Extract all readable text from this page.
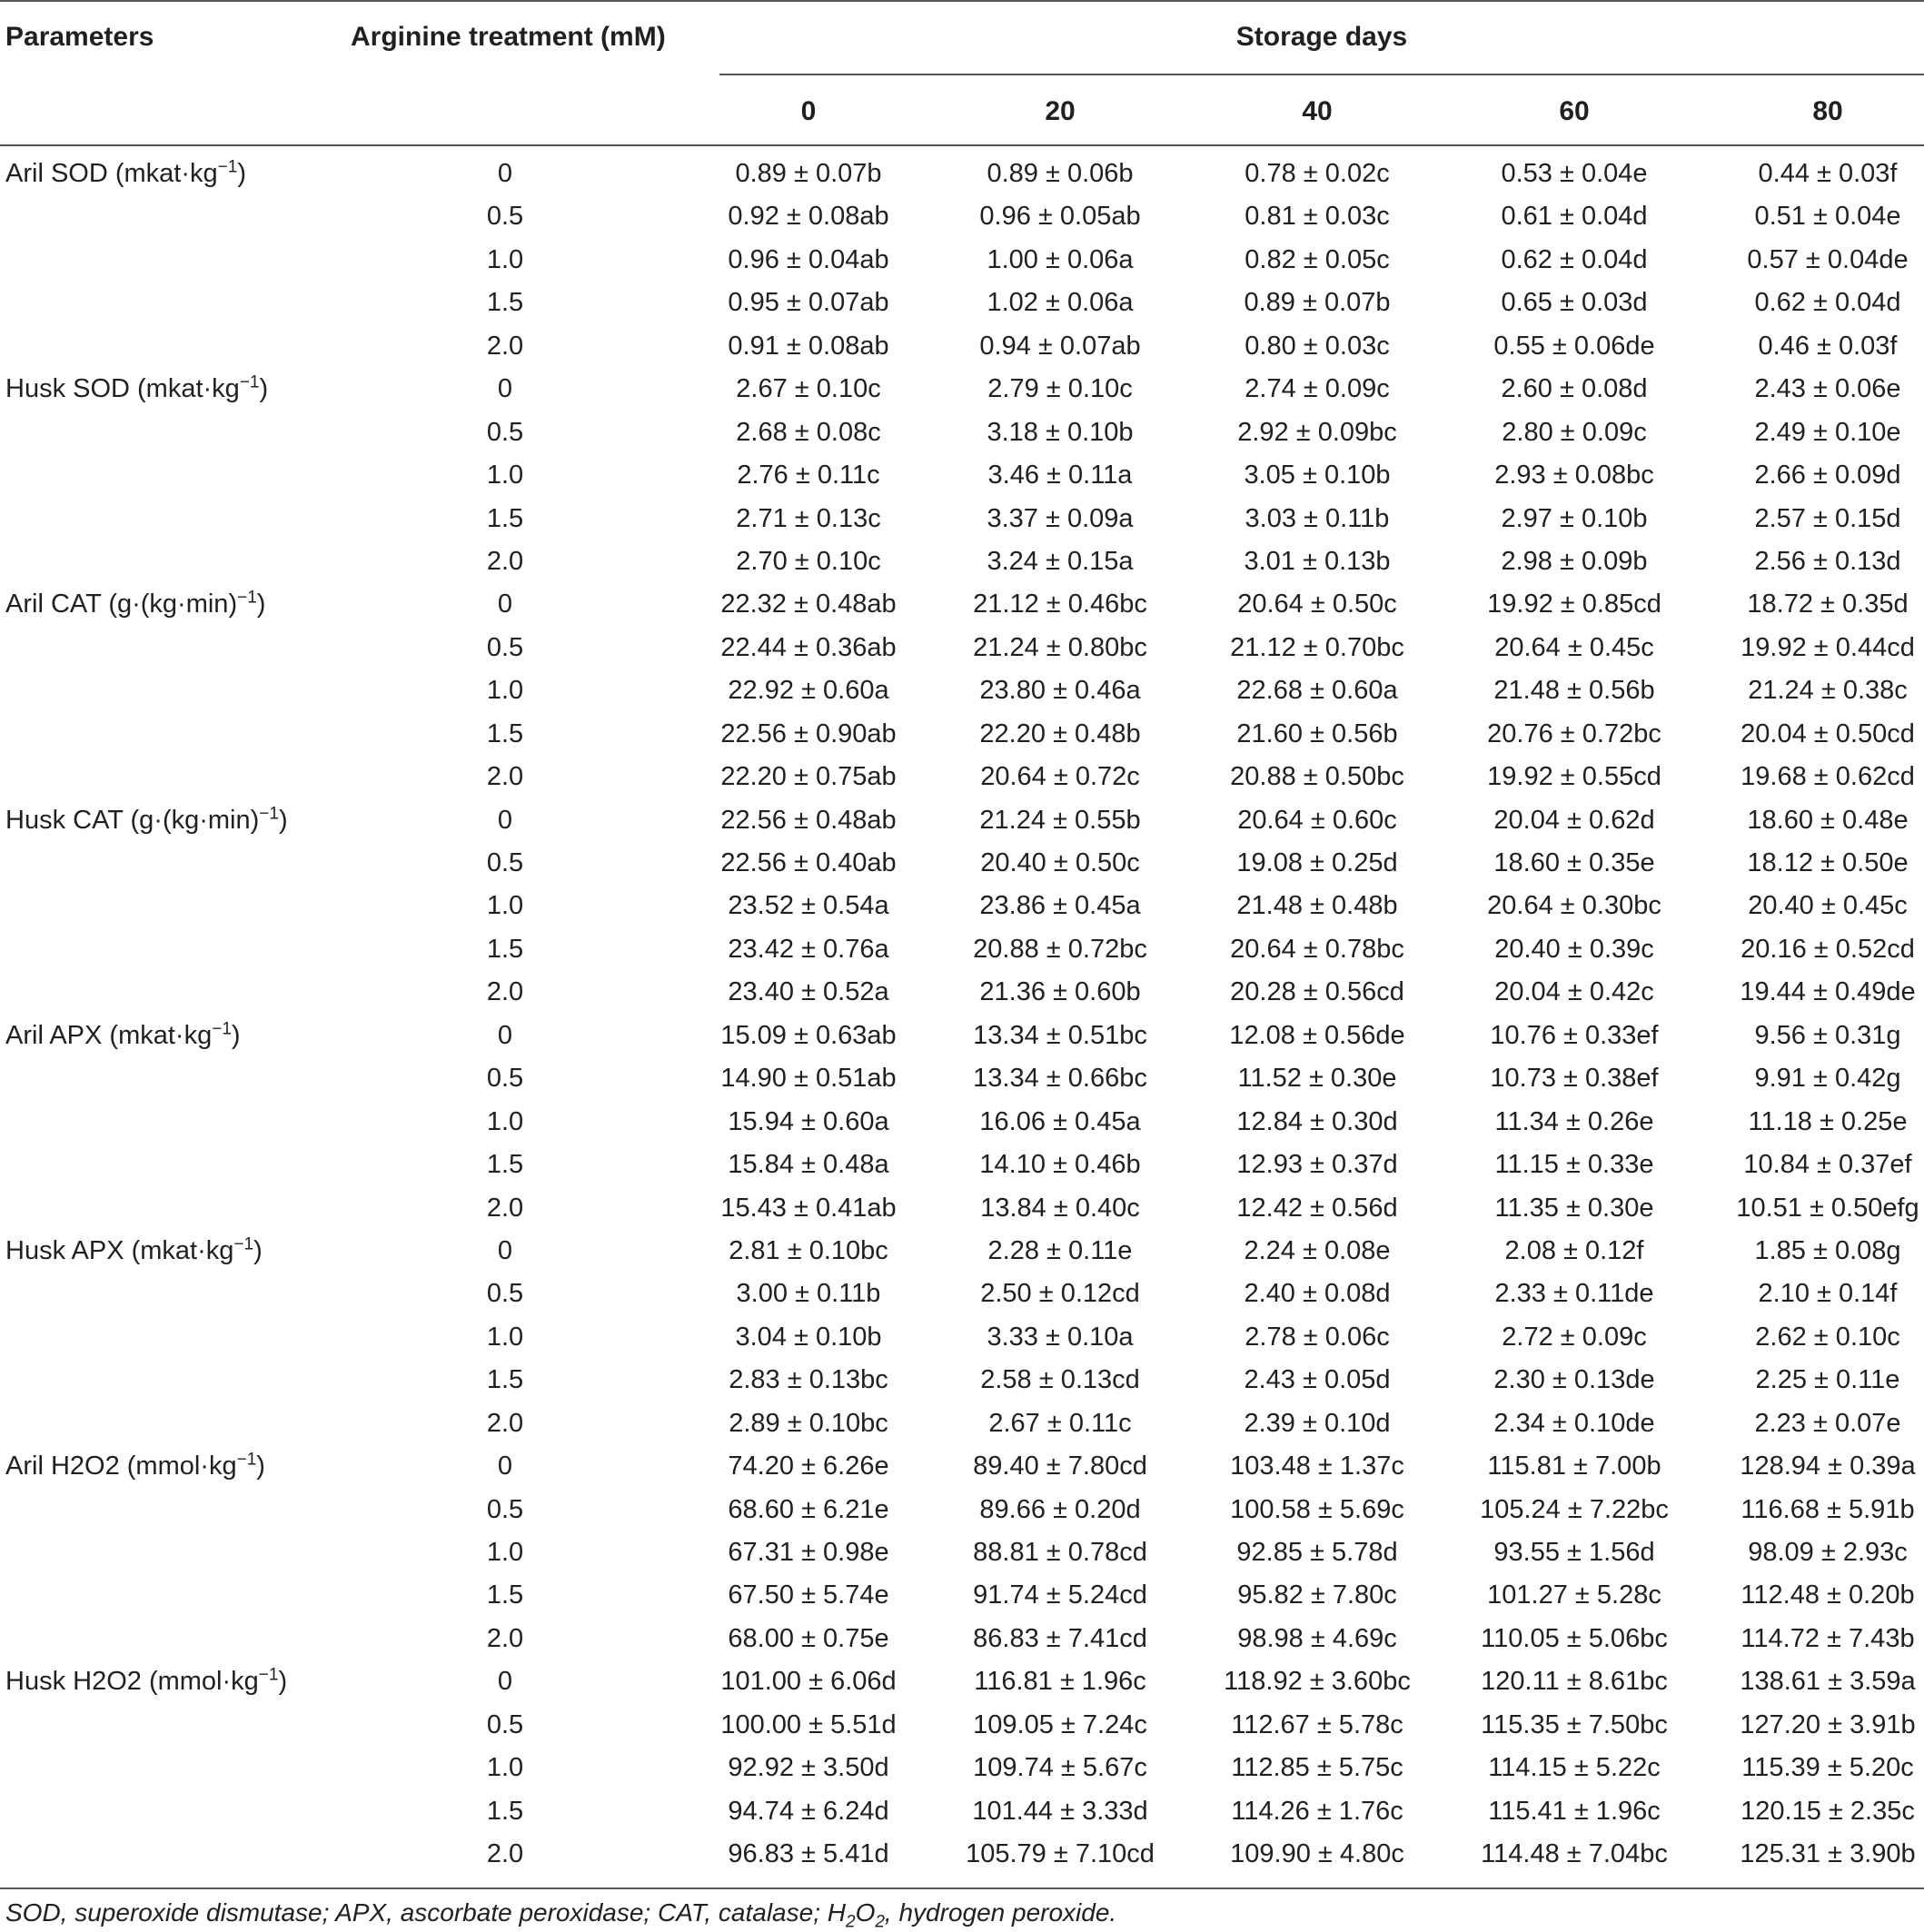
Parameters	Arginine treatment (mM)	Storage days
0	20	40	60	80
Aril SOD $(mkat\cdot kg^{-1})$	0	0.89 ± 0.07b	0.89 ± 0.06b	0.78 ± 0.02c	0.53 ± 0.04e	0.44 ± 0.03f
0.5	0.92 ± 0.08ab	0.96 ± 0.05ab	0.81 ± 0.03c	0.61 ± 0.04d	0.51 ± 0.04e
1.0	0.96 ± 0.04ab	1.00 ± 0.06a	0.82 ± 0.05c	0.62 ± 0.04d	0.57 ± 0.04de
1.5	0.95 ± 0.07ab	1.02 ± 0.06a	0.89 ± 0.07b	0.65 ± 0.03d	0.62 ± 0.04d
2.0	0.91 ± 0.08ab	0.94 ± 0.07ab	0.80 ± 0.03c	0.55 ± 0.06de	0.46 ± 0.03f
Husk SOD $(mkat\cdot kg^{-1})$	0	2.67 ± 0.10c	2.79 ± 0.10c	2.74 ± 0.09c	2.60 ± 0.08d	2.43 ± 0.06e
0.5	2.68 ± 0.08c	3.18 ± 0.10b	2.92 ± 0.09bc	2.80 ± 0.09c	2.49 ± 0.10e
1.0	2.76 ± 0.11c	3.46 ± 0.11a	3.05 ± 0.10b	2.93 ± 0.08bc	2.66 ± 0.09d
1.5	2.71 ± 0.13c	3.37 ± 0.09a	3.03 ± 0.11b	2.97 ± 0.10b	2.57 ± 0.15d
2.0	2.70 ± 0.10c	3.24 ± 0.15a	3.01 ± 0.13b	2.98 ± 0.09b	2.56 ± 0.13d
Aril CAT $(g\cdot(kg\cdot\min)^{-1})$	0	22.32 ± 0.48ab	21.12 ± 0.46bc	20.64 ± 0.50c	19.92 ± 0.85cd	18.72 ± 0.35d
0.5	22.44 ± 0.36ab	21.24 ± 0.80bc	21.12 ± 0.70bc	20.64 ± 0.45c	19.92 ± 0.44cd
1.0	22.92 ± 0.60a	23.80 ± 0.46a	22.68 ± 0.60a	21.48 ± 0.56b	21.24 ± 0.38c
1.5	22.56 ± 0.90ab	22.20 ± 0.48b	21.60 ± 0.56b	20.76 ± 0.72bc	20.04 ± 0.50cd
2.0	22.20 ± 0.75ab	20.64 ± 0.72c	20.88 ± 0.50bc	19.92 ± 0.55cd	19.68 ± 0.62cd
Husk CAT $(g\cdot(kg\cdot\min)^{-1})$	0	22.56 ± 0.48ab	21.24 ± 0.55b	20.64 ± 0.60c	20.04 ± 0.62d	18.60 ± 0.48e
0.5	22.56 ± 0.40ab	20.40 ± 0.50c	19.08 ± 0.25d	18.60 ± 0.35e	18.12 ± 0.50e
1.0	23.52 ± 0.54a	23.86 ± 0.45a	21.48 ± 0.48b	20.64 ± 0.30bc	20.40 ± 0.45c
1.5	23.42 ± 0.76a	20.88 ± 0.72bc	20.64 ± 0.78bc	20.40 ± 0.39c	20.16 ± 0.52cd
2.0	23.40 ± 0.52a	21.36 ± 0.60b	20.28 ± 0.56cd	20.04 ± 0.42c	19.44 ± 0.49de
Aril APX $(mkat\cdot kg^{-1})$	0	15.09 ± 0.63ab	13.34 ± 0.51bc	12.08 ± 0.56de	10.76 ± 0.33ef	9.56 ± 0.31g
0.5	14.90 ± 0.51ab	13.34 ± 0.66bc	11.52 ± 0.30e	10.73 ± 0.38ef	9.91 ± 0.42g
1.0	15.94 ± 0.60a	16.06 ± 0.45a	12.84 ± 0.30d	11.34 ± 0.26e	11.18 ± 0.25e
1.5	15.84 ± 0.48a	14.10 ± 0.46b	12.93 ± 0.37d	11.15 ± 0.33e	10.84 ± 0.37ef
2.0	15.43 ± 0.41ab	13.84 ± 0.40c	12.42 ± 0.56d	11.35 ± 0.30e	10.51 ± 0.50efg
Husk APX $(mkat\cdot kg^{-1})$	0	2.81 ± 0.10bc	2.28 ± 0.11e	2.24 ± 0.08e	2.08 ± 0.12f	1.85 ± 0.08g
0.5	3.00 ± 0.11b	2.50 ± 0.12cd	2.40 ± 0.08d	2.33 ± 0.11de	2.10 ± 0.14f
1.0	3.04 ± 0.10b	3.33 ± 0.10a	2.78 ± 0.06c	2.72 ± 0.09c	2.62 ± 0.10c
1.5	2.83 ± 0.13bc	2.58 ± 0.13cd	2.43 ± 0.05d	2.30 ± 0.13de	2.25 ± 0.11e
2.0	2.89 ± 0.10bc	2.67 ± 0.11c	2.39 ± 0.10d	2.34 ± 0.10de	2.23 ± 0.07e
Aril H2O2 $(mmol\cdot kg^{-1})$	0	74.20 ± 6.26e	89.40 ± 7.80cd	103.48 ± 1.37c	115.81 ± 7.00b	128.94 ± 0.39a
0.5	68.60 ± 6.21e	89.66 ± 0.20d	100.58 ± 5.69c	105.24 ± 7.22bc	116.68 ± 5.91b
1.0	67.31 ± 0.98e	88.81 ± 0.78cd	92.85 ± 5.78d	93.55 ± 1.56d	98.09 ± 2.93c
1.5	67.50 ± 5.74e	91.74 ± 5.24cd	95.82 ± 7.80c	101.27 ± 5.28c	112.48 ± 0.20b
2.0	68.00 ± 0.75e	86.83 ± 7.41cd	98.98 ± 4.69c	110.05 ± 5.06bc	114.72 ± 7.43b
Husk H2O2 $(mmol\cdot kg^{-1})$	0	101.00 ± 6.06d	116.81 ± 1.96c	118.92 ± 3.60bc	120.11 ± 8.61bc	138.61 ± 3.59a
0.5	100.00 ± 5.51d	109.05 ± 7.24c	112.67 ± 5.78c	115.35 ± 7.50bc	127.20 ± 3.91b
1.0	92.92 ± 3.50d	109.74 ± 5.67c	112.85 ± 5.75c	114.15 ± 5.22c	115.39 ± 5.20c
1.5	94.74 ± 6.24d	101.44 ± 3.33d	114.26 ± 1.76c	115.41 ± 1.96c	120.15 ± 2.35c
2.0	96.83 ± 5.41d	105.79 ± 7.10cd	109.90 ± 4.80c	114.48 ± 7.04bc	125.31 ± 3.90b
SOD, superoxide dismutase; APX, ascorbate peroxidase; CAT, catalase; $H_2O_2$, hydrogen peroxide.
